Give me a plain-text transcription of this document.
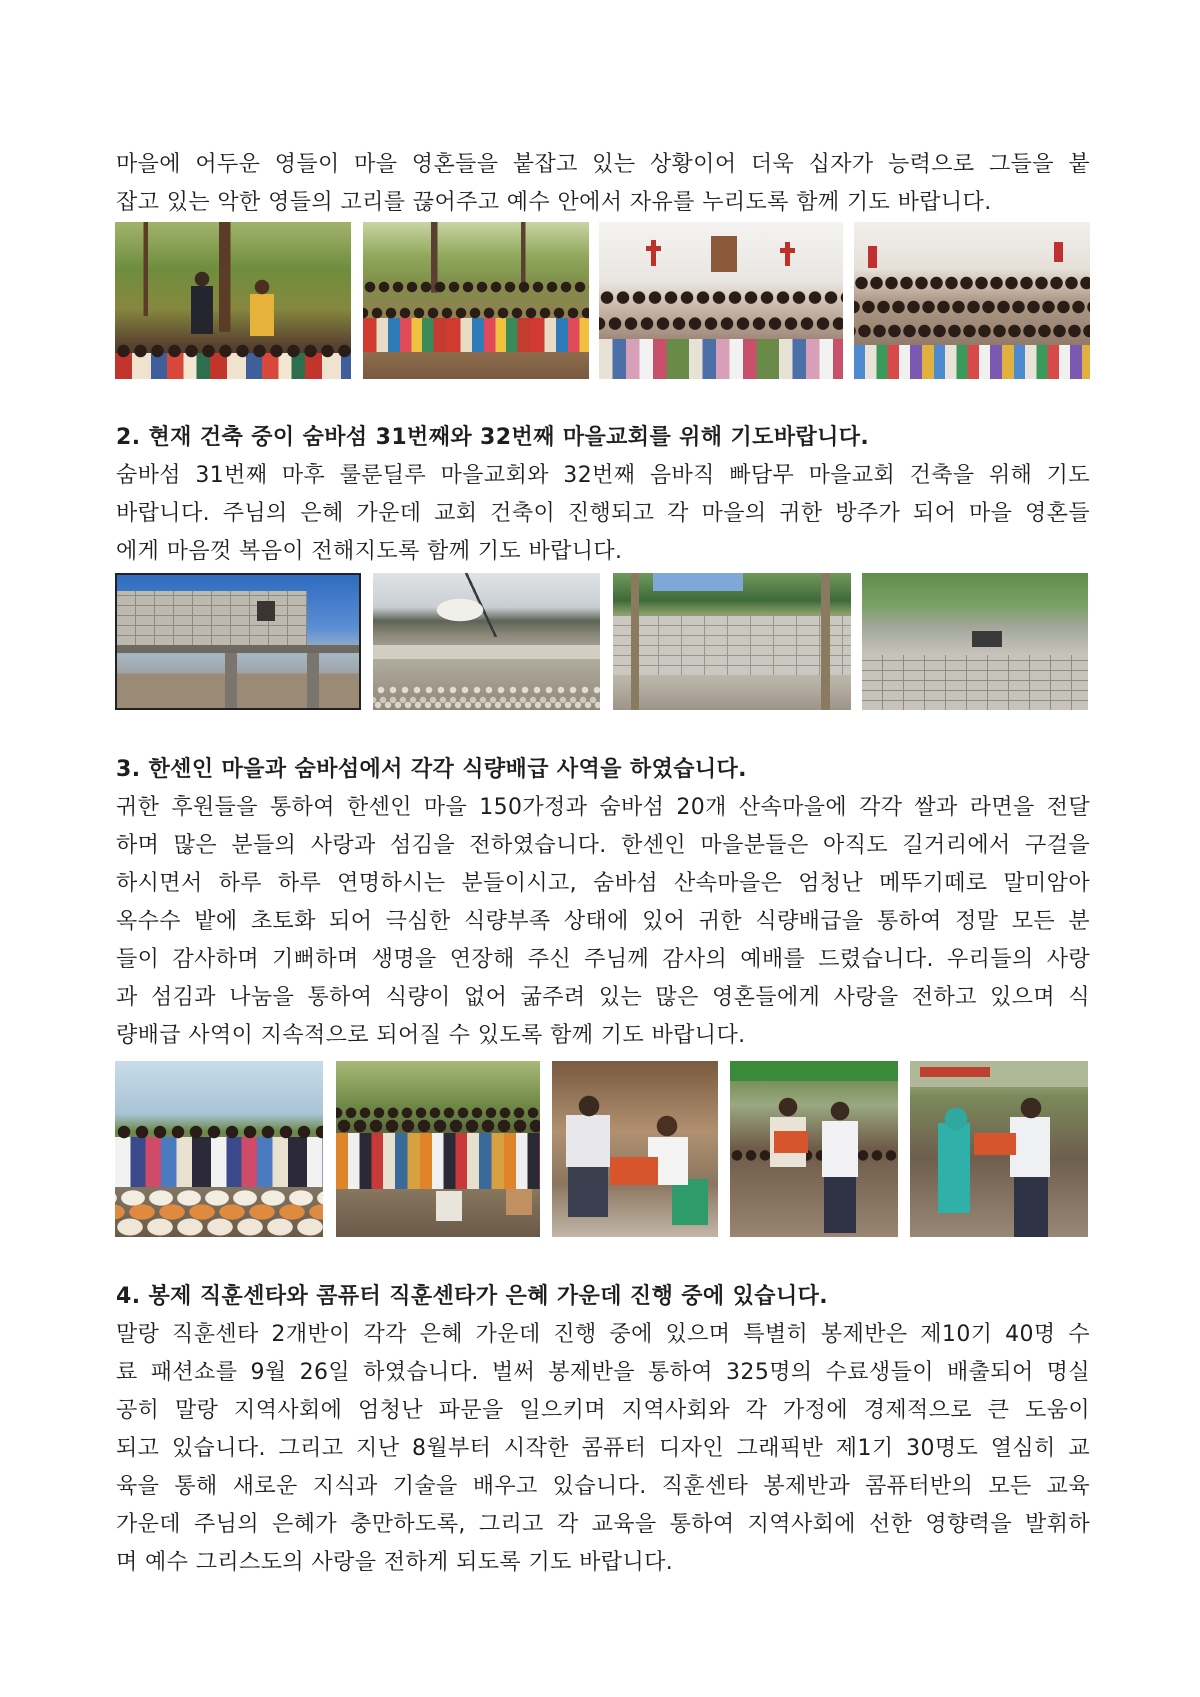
마을에 어두운 영들이 마을 영혼들을 붙잡고 있는 상황이어 더욱 십자가 능력으로 그들을 붙
잡고 있는 악한 영들의 고리를 끊어주고 예수 안에서 자유를 누리도록 함께 기도 바랍니다.
2. 현재 건축 중이 숨바섬 31번째와 32번째 마을교회를 위해 기도바랍니다.
숨바섬 31번째 마후 룰룬딜루 마을교회와 32번째 음바직 빠담무 마을교회 건축을 위해 기도
바랍니다. 주님의 은혜 가운데 교회 건축이 진행되고 각 마을의 귀한 방주가 되어 마을 영혼들
에게 마음껏 복음이 전해지도록 함께 기도 바랍니다.
3. 한센인 마을과 숨바섬에서 각각 식량배급 사역을 하였습니다.
귀한 후원들을 통하여 한센인 마을 150가정과 숨바섬 20개 산속마을에 각각 쌀과 라면을 전달
하며 많은 분들의 사랑과 섬김을 전하였습니다. 한센인 마을분들은 아직도 길거리에서 구걸을
하시면서 하루 하루 연명하시는 분들이시고, 숨바섬 산속마을은 엄청난 메뚜기떼로 말미암아
옥수수 밭에 초토화 되어 극심한 식량부족 상태에 있어 귀한 식량배급을 통하여 정말 모든 분
들이 감사하며 기뻐하며 생명을 연장해 주신 주님께 감사의 예배를 드렸습니다. 우리들의 사랑
과 섬김과 나눔을 통하여 식량이 없어 굶주려 있는 많은 영혼들에게 사랑을 전하고 있으며 식
량배급 사역이 지속적으로 되어질 수 있도록 함께 기도 바랍니다.
4. 봉제 직훈센타와 콤퓨터 직훈센타가 은혜 가운데 진행 중에 있습니다.
말랑 직훈센타 2개반이 각각 은혜 가운데 진행 중에 있으며 특별히 봉제반은 제10기 40명 수
료 패션쇼를 9월 26일 하였습니다. 벌써 봉제반을 통하여 325명의 수료생들이 배출되어 명실
공히 말랑 지역사회에 엄청난 파문을 일으키며 지역사회와 각 가정에 경제적으로 큰 도움이
되고 있습니다. 그리고 지난 8월부터 시작한 콤퓨터 디자인 그래픽반 제1기 30명도 열심히 교
육을 통해 새로운 지식과 기술을 배우고 있습니다. 직훈센타 봉제반과 콤퓨터반의 모든 교육
가운데 주님의 은혜가 충만하도록, 그리고 각 교육을 통하여 지역사회에 선한 영향력을 발휘하
며 예수 그리스도의 사랑을 전하게 되도록 기도 바랍니다.
